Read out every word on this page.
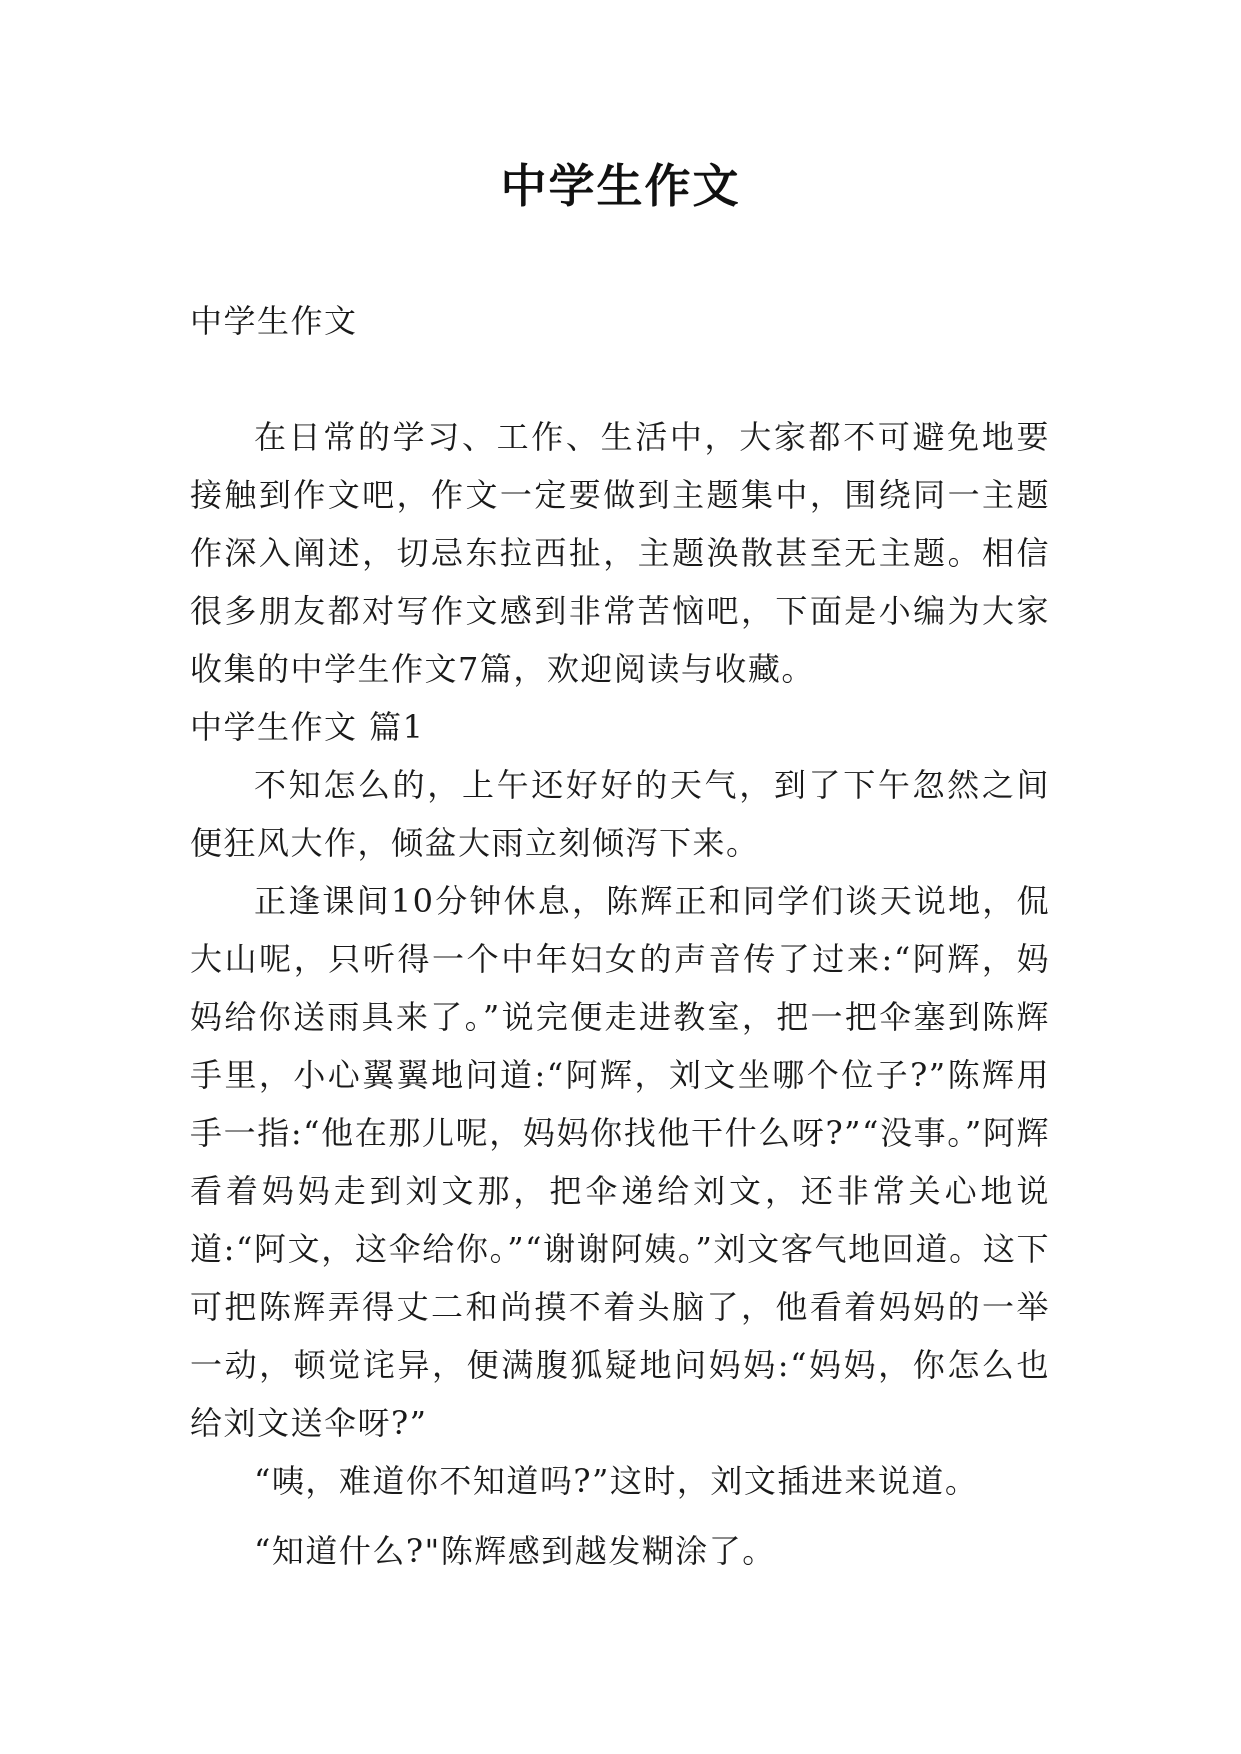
中学生作文

中学生作文

在日常的学习、工作、生活中，大家都不可避免地要接触到作文吧，作文一定要做到主题集中，围绕同一主题作深入阐述，切忌东拉西扯，主题涣散甚至无主题。相信很多朋友都对写作文感到非常苦恼吧，下面是小编为大家收集的中学生作文7篇，欢迎阅读与收藏。

中学生作文 篇1

不知怎么的，上午还好好的天气，到了下午忽然之间便狂风大作，倾盆大雨立刻倾泻下来。

正逢课间10分钟休息，陈辉正和同学们谈天说地，侃大山呢，只听得一个中年妇女的声音传了过来:“阿辉，妈妈给你送雨具来了。”说完便走进教室，把一把伞塞到陈辉手里，小心翼翼地问道:“阿辉，刘文坐哪个位子?”陈辉用手一指:“他在那儿呢，妈妈你找他干什么呀?”“没事。”阿辉看着妈妈走到刘文那，把伞递给刘文，还非常关心地说道:“阿文，这伞给你。”“谢谢阿姨。”刘文客气地回道。这下可把陈辉弄得丈二和尚摸不着头脑了，他看着妈妈的一举一动，顿觉诧异，便满腹狐疑地问妈妈:“妈妈，你怎么也给刘文送伞呀?”

“咦，难道你不知道吗?”这时，刘文插进来说道。

“知道什么?"陈辉感到越发糊涂了。
